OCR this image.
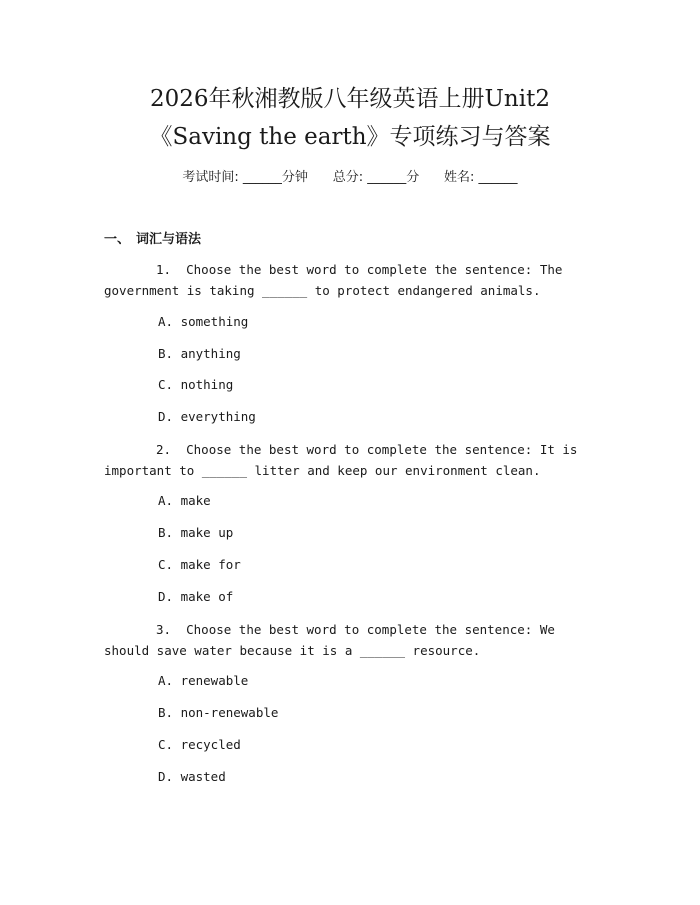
2026年秋湘教版八年级英语上册Unit2
《Saving the earth》专项练习与答案
考试时间: ______分钟 总分: ______分 姓名: ______
一、 词汇与语法

1. Choose the best word to complete the sentence: The government is taking ______ to protect endangered animals.

A. something
B. anything
C. nothing
D. everything

2. Choose the best word to complete the sentence: It is important to ______ litter and keep our environment clean.

A. make
B. make up
C. make for
D. make of

3. Choose the best word to complete the sentence: We should save water because it is a ______ resource.

A. renewable
B. non-renewable
C. recycled
D. wasted
